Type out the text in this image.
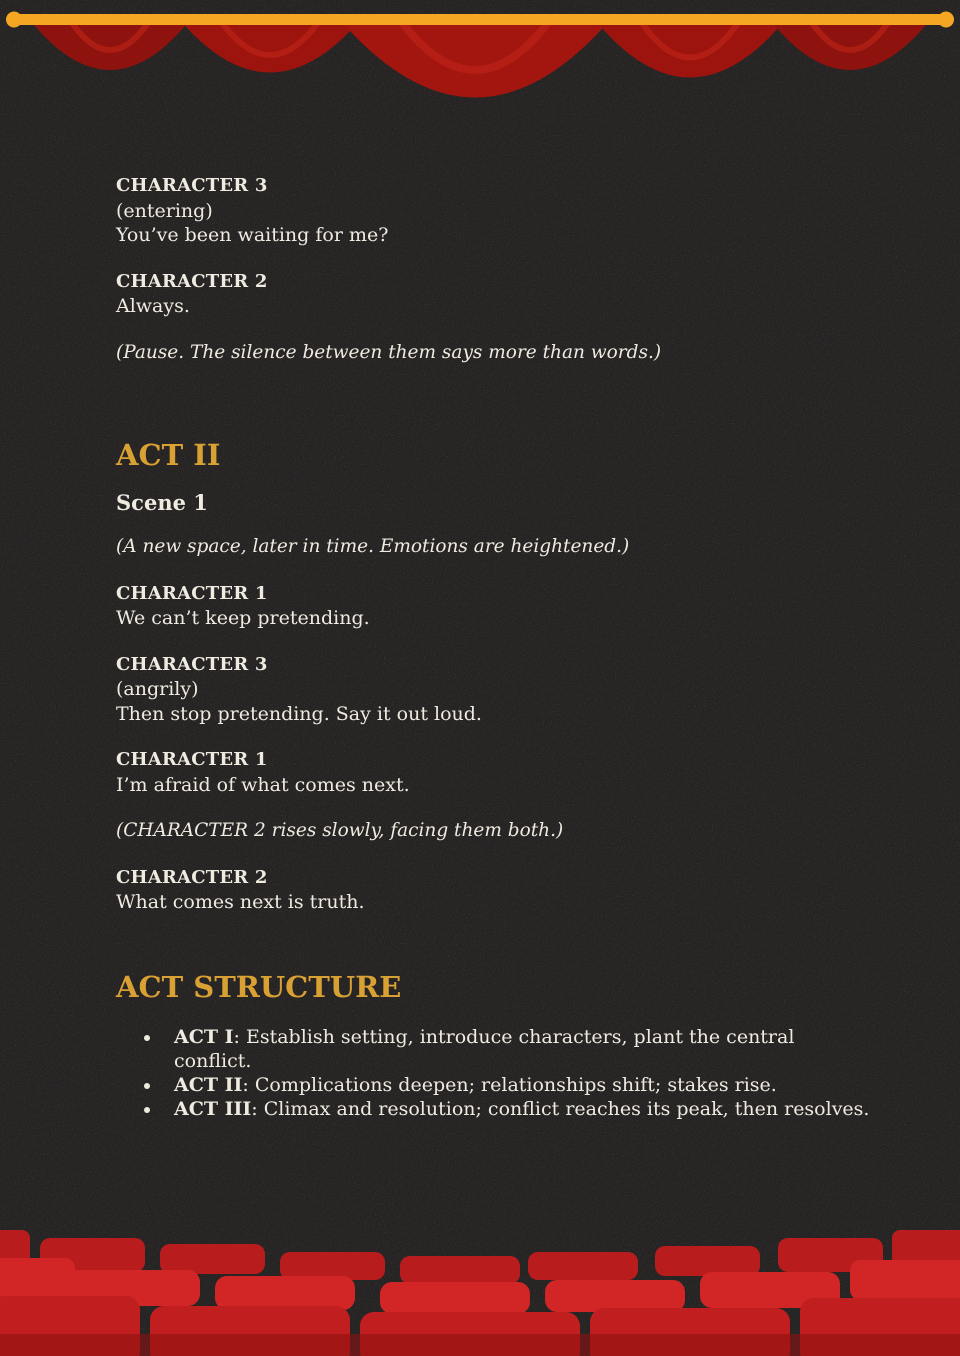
CHARACTER 3
(entering)
You’ve been waiting for me?
CHARACTER 2
Always.
(Pause. The silence between them says more than words.)
ACT II
Scene 1
(A new space, later in time. Emotions are heightened.)
CHARACTER 1
We can’t keep pretending.
CHARACTER 3
(angrily)
Then stop pretending. Say it out loud.
CHARACTER 1
I’m afraid of what comes next.
(CHARACTER 2 rises slowly, facing them both.)
CHARACTER 2
What comes next is truth.
ACT STRUCTURE
ACT I: Establish setting, introduce characters, plant the central conflict.
ACT II: Complications deepen; relationships shift; stakes rise.
ACT III: Climax and resolution; conflict reaches its peak, then resolves.
